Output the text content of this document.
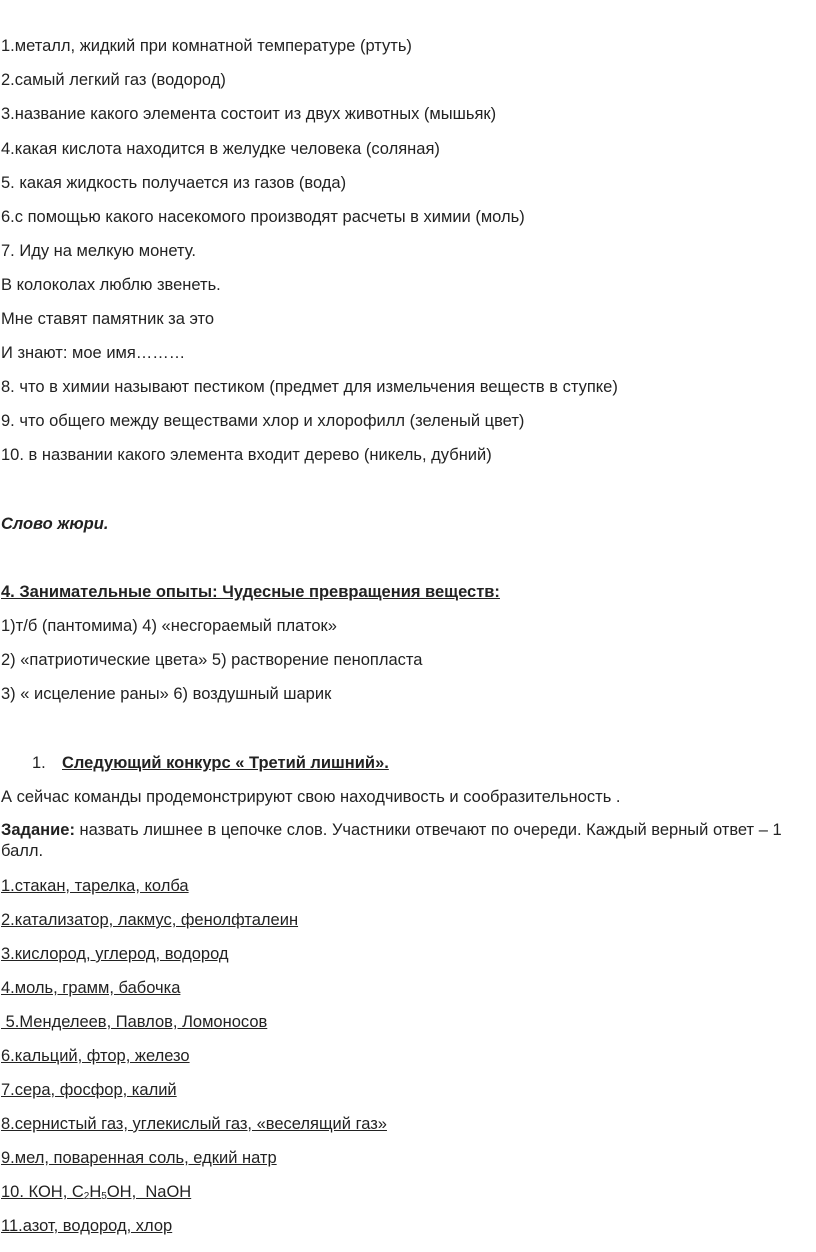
1.металл, жидкий при комнатной температуре (ртуть)
2.самый легкий газ (водород)
3.название какого элемента состоит из двух животных (мышьяк)
4.какая кислота находится в желудке человека (соляная)
5. какая жидкость получается из газов (вода)
6.с помощью какого насекомого производят расчеты в химии (моль)
7. Иду на мелкую монету.
В колоколах люблю звенеть.
Мне ставят памятник за это
И знают: мое имя………
8. что в химии называют пестиком (предмет для измельчения веществ в ступке)
9. что общего между веществами хлор и хлорофилл (зеленый цвет)
10. в названии какого элемента входит дерево (никель, дубний)
Слово жюри.
4. Занимательные опыты: Чудесные превращения веществ:
1)т/б (пантомима) 4) «несгораемый платок»
2) «патриотические цвета» 5) растворение пенопласта
3) « исцеление раны» 6) воздушный шарик
1. Следующий конкурс « Третий лишний».
А сейчас команды продемонстрируют свою находчивость и сообразительность .
Задание: назвать лишнее в цепочке слов. Участники отвечают по очереди. Каждый верный ответ – 1 балл.
1.стакан, тарелка, колба
2.катализатор, лакмус, фенолфталеин
3.кислород, углерод, водород
4.моль, грамм, бабочка
5.Менделеев, Павлов, Ломоносов
6.кальций, фтор, железо
7.сера, фосфор, калий
8.сернистый газ, углекислый газ, «веселящий газ»
9.мел, поваренная соль, едкий натр
10. КОН, $С_2Н_5ОН$,  NaОН
11.азот, водород, хлор
